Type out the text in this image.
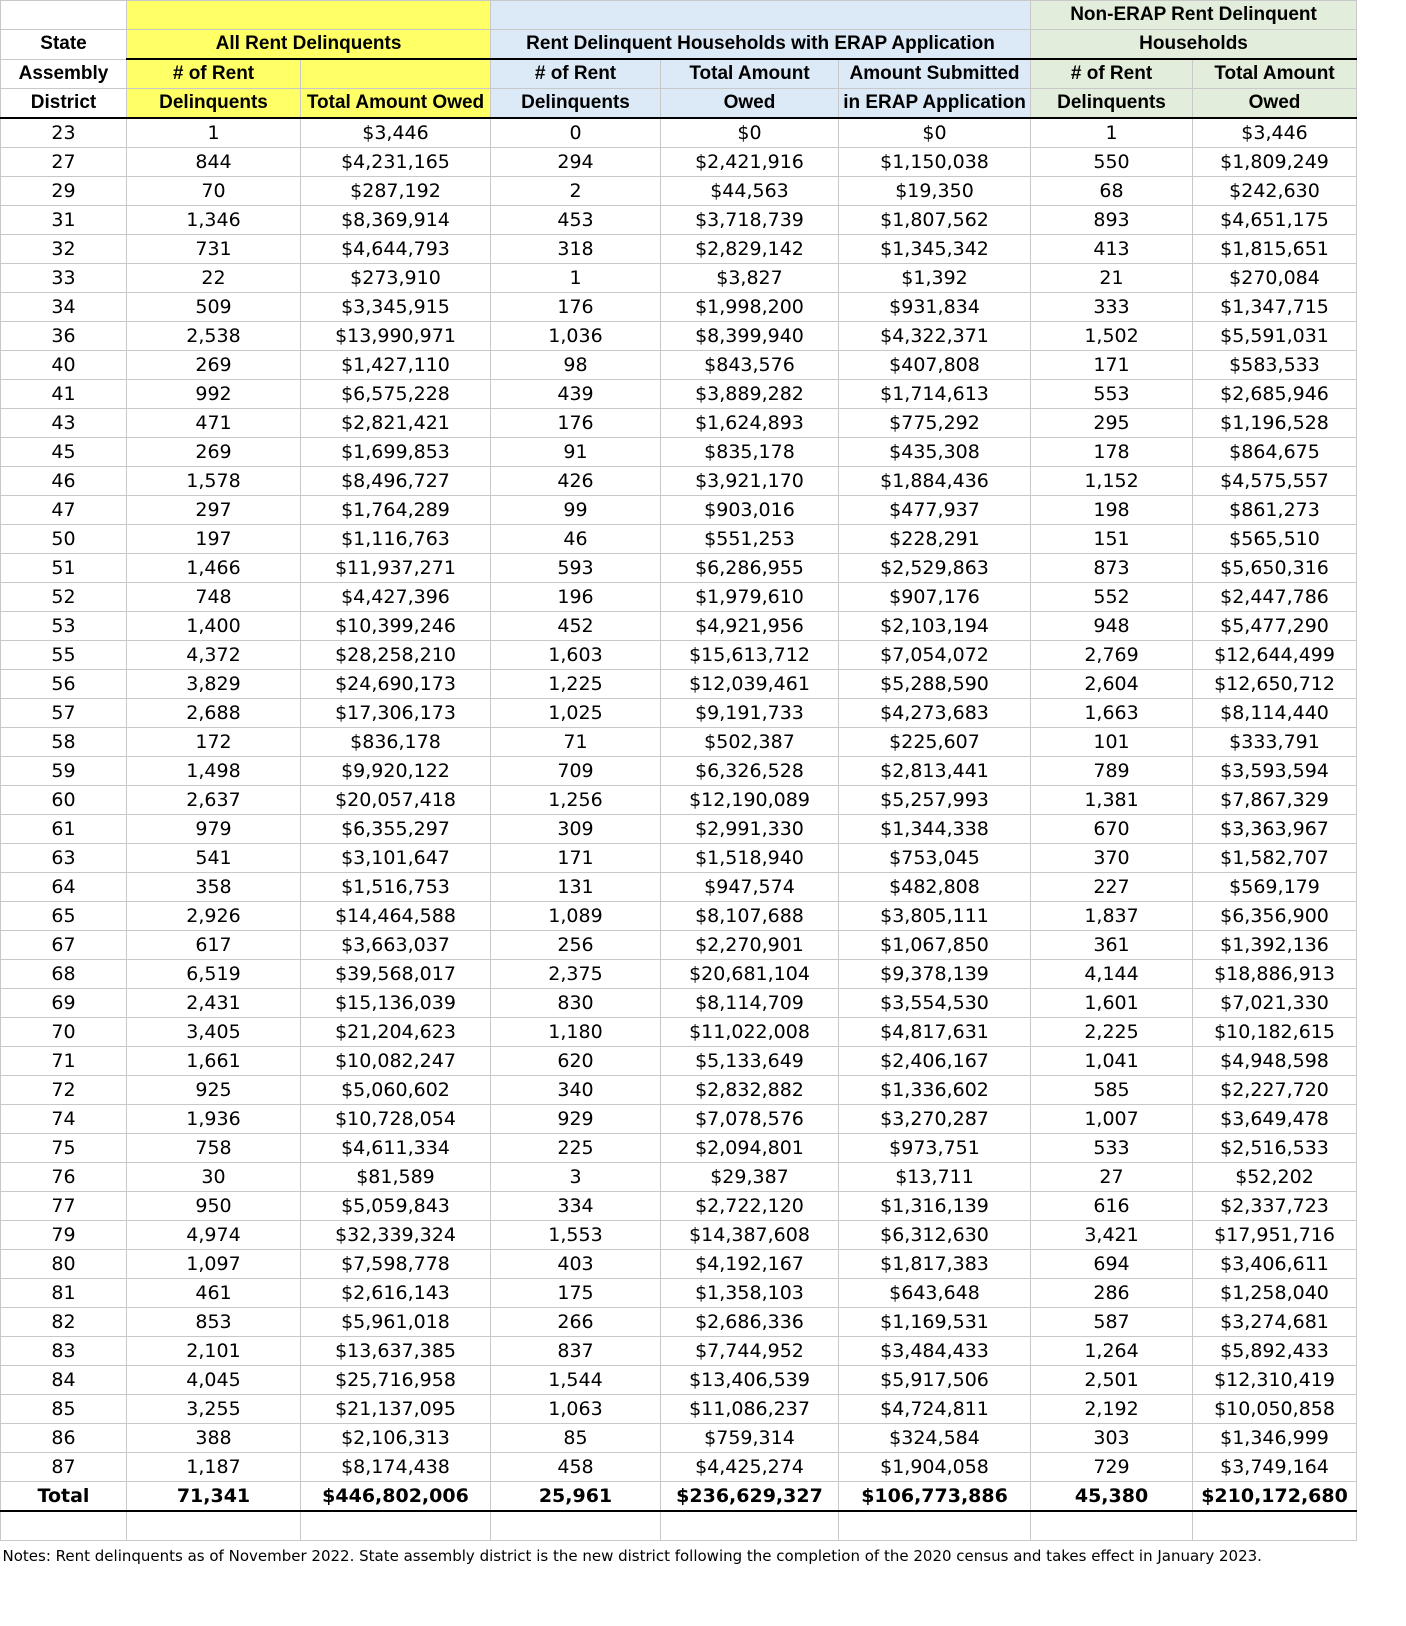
						Non-ERAP Rent Delinquent	
State	All Rent Delinquents		Rent Delinquent Households with ERAP Application			Households	
Assembly	# of Rent		# of Rent	Total Amount	Amount Submitted	# of Rent	Total Amount
District	Delinquents	Total Amount Owed	Delinquents	Owed	in ERAP Application	Delinquents	Owed
23	1	$3,446	0	$0	$0	1	$3,446
27	844	$4,231,165	294	$2,421,916	$1,150,038	550	$1,809,249
29	70	$287,192	2	$44,563	$19,350	68	$242,630
31	1,346	$8,369,914	453	$3,718,739	$1,807,562	893	$4,651,175
32	731	$4,644,793	318	$2,829,142	$1,345,342	413	$1,815,651
33	22	$273,910	1	$3,827	$1,392	21	$270,084
34	509	$3,345,915	176	$1,998,200	$931,834	333	$1,347,715
36	2,538	$13,990,971	1,036	$8,399,940	$4,322,371	1,502	$5,591,031
40	269	$1,427,110	98	$843,576	$407,808	171	$583,533
41	992	$6,575,228	439	$3,889,282	$1,714,613	553	$2,685,946
43	471	$2,821,421	176	$1,624,893	$775,292	295	$1,196,528
45	269	$1,699,853	91	$835,178	$435,308	178	$864,675
46	1,578	$8,496,727	426	$3,921,170	$1,884,436	1,152	$4,575,557
47	297	$1,764,289	99	$903,016	$477,937	198	$861,273
50	197	$1,116,763	46	$551,253	$228,291	151	$565,510
51	1,466	$11,937,271	593	$6,286,955	$2,529,863	873	$5,650,316
52	748	$4,427,396	196	$1,979,610	$907,176	552	$2,447,786
53	1,400	$10,399,246	452	$4,921,956	$2,103,194	948	$5,477,290
55	4,372	$28,258,210	1,603	$15,613,712	$7,054,072	2,769	$12,644,499
56	3,829	$24,690,173	1,225	$12,039,461	$5,288,590	2,604	$12,650,712
57	2,688	$17,306,173	1,025	$9,191,733	$4,273,683	1,663	$8,114,440
58	172	$836,178	71	$502,387	$225,607	101	$333,791
59	1,498	$9,920,122	709	$6,326,528	$2,813,441	789	$3,593,594
60	2,637	$20,057,418	1,256	$12,190,089	$5,257,993	1,381	$7,867,329
61	979	$6,355,297	309	$2,991,330	$1,344,338	670	$3,363,967
63	541	$3,101,647	171	$1,518,940	$753,045	370	$1,582,707
64	358	$1,516,753	131	$947,574	$482,808	227	$569,179
65	2,926	$14,464,588	1,089	$8,107,688	$3,805,111	1,837	$6,356,900
67	617	$3,663,037	256	$2,270,901	$1,067,850	361	$1,392,136
68	6,519	$39,568,017	2,375	$20,681,104	$9,378,139	4,144	$18,886,913
69	2,431	$15,136,039	830	$8,114,709	$3,554,530	1,601	$7,021,330
70	3,405	$21,204,623	1,180	$11,022,008	$4,817,631	2,225	$10,182,615
71	1,661	$10,082,247	620	$5,133,649	$2,406,167	1,041	$4,948,598
72	925	$5,060,602	340	$2,832,882	$1,336,602	585	$2,227,720
74	1,936	$10,728,054	929	$7,078,576	$3,270,287	1,007	$3,649,478
75	758	$4,611,334	225	$2,094,801	$973,751	533	$2,516,533
76	30	$81,589	3	$29,387	$13,711	27	$52,202
77	950	$5,059,843	334	$2,722,120	$1,316,139	616	$2,337,723
79	4,974	$32,339,324	1,553	$14,387,608	$6,312,630	3,421	$17,951,716
80	1,097	$7,598,778	403	$4,192,167	$1,817,383	694	$3,406,611
81	461	$2,616,143	175	$1,358,103	$643,648	286	$1,258,040
82	853	$5,961,018	266	$2,686,336	$1,169,531	587	$3,274,681
83	2,101	$13,637,385	837	$7,744,952	$3,484,433	1,264	$5,892,433
84	4,045	$25,716,958	1,544	$13,406,539	$5,917,506	2,501	$12,310,419
85	3,255	$21,137,095	1,063	$11,086,237	$4,724,811	2,192	$10,050,858
86	388	$2,106,313	85	$759,314	$324,584	303	$1,346,999
87	1,187	$8,174,438	458	$4,425,274	$1,904,058	729	$3,749,164
Total	71,341	$446,802,006	25,961	$236,629,327	$106,773,886	45,380	$210,172,680

Notes: Rent delinquents as of November 2022. State assembly district is the new district following the completion of the 2020 census and takes effect in January 2023.							
